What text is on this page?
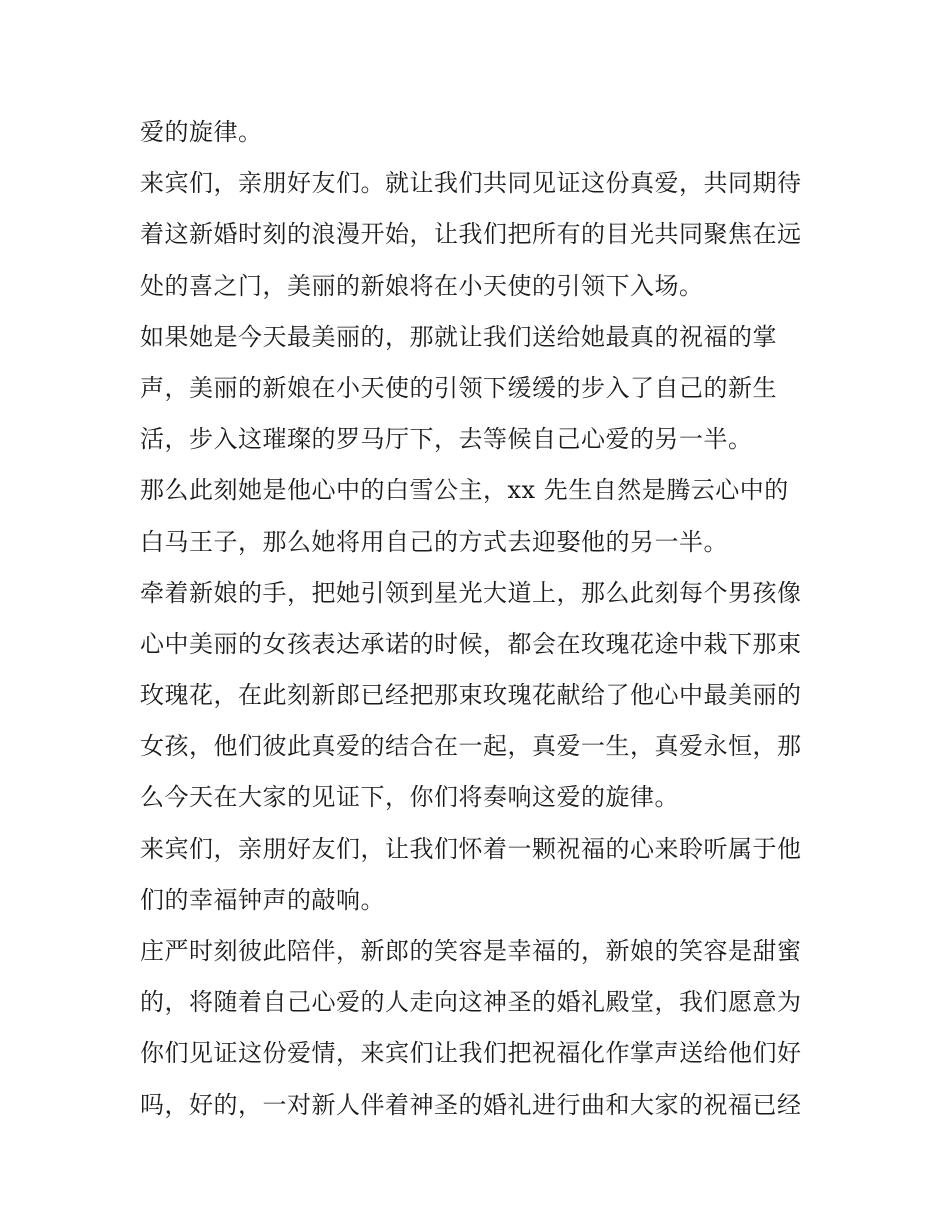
爱的旋律。
来宾们，亲朋好友们。就让我们共同见证这份真爱，共同期待
着这新婚时刻的浪漫开始，让我们把所有的目光共同聚焦在远
处的喜之门，美丽的新娘将在小天使的引领下入场。
如果她是今天最美丽的，那就让我们送给她最真的祝福的掌
声，美丽的新娘在小天使的引领下缓缓的步入了自己的新生
活，步入这璀璨的罗马厅下，去等候自己心爱的另一半。
那么此刻她是他心中的白雪公主，xx 先生自然是腾云心中的
白马王子，那么她将用自己的方式去迎娶他的另一半。
牵着新娘的手，把她引领到星光大道上，那么此刻每个男孩像
心中美丽的女孩表达承诺的时候，都会在玫瑰花途中栽下那束
玫瑰花，在此刻新郎已经把那束玫瑰花献给了他心中最美丽的
女孩，他们彼此真爱的结合在一起，真爱一生，真爱永恒，那
么今天在大家的见证下，你们将奏响这爱的旋律。
来宾们，亲朋好友们，让我们怀着一颗祝福的心来聆听属于他
们的幸福钟声的敲响。
庄严时刻彼此陪伴，新郎的笑容是幸福的，新娘的笑容是甜蜜
的，将随着自己心爱的人走向这神圣的婚礼殿堂，我们愿意为
你们见证这份爱情，来宾们让我们把祝福化作掌声送给他们好
吗，好的，一对新人伴着神圣的婚礼进行曲和大家的祝福已经
